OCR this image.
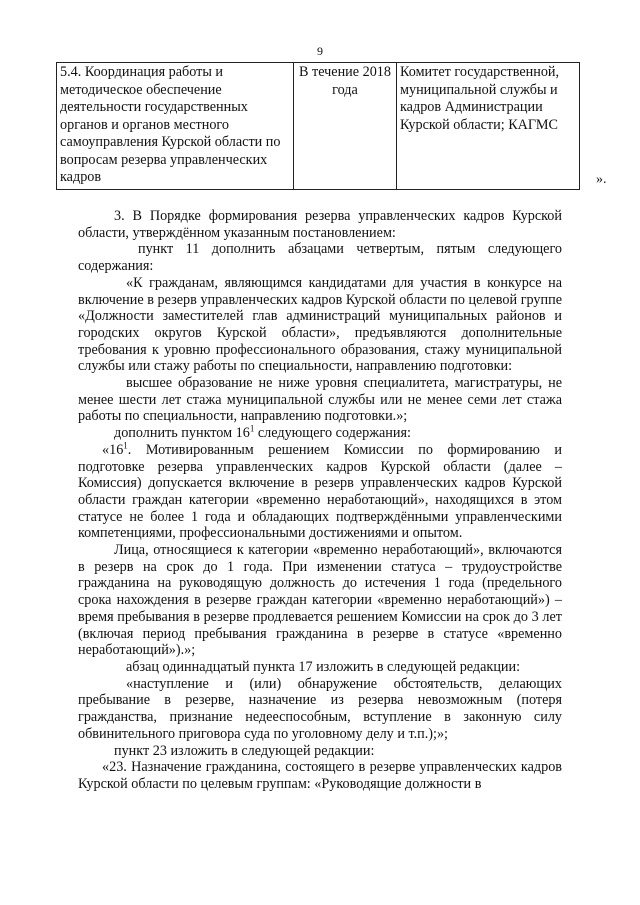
9
5.4. Координация работы и методическое обеспечение деятельности государственных органов и органов местного самоуправления Курской области по вопросам резерва управленческих кадров	В течение 2018 года	Комитет государственной, муниципальной службы и кадров Администрации Курской области; КАГМС
».

3. В Порядке формирования резерва управленческих кадров Курской области, утверждённом указанным постановлением:

пункт 11 дополнить абзацами четвертым, пятым следующего содержания:

«К гражданам, являющимся кандидатами для участия в конкурсе на включение в резерв управленческих кадров Курской области по целевой группе «Должности заместителей глав администраций муниципальных районов и городских округов Курской области», предъявляются дополнительные требования к уровню профессионального образования, стажу муниципальной службы или стажу работы по специальности, направлению подготовки:

высшее образование не ниже уровня специалитета, магистратуры, не менее шести лет стажа муниципальной службы или не менее семи лет стажа работы по специальности, направлению подготовки.»;

дополнить пунктом $16^1$ следующего содержания:

«$16^1$. Мотивированным решением Комиссии по формированию и подготовке резерва управленческих кадров Курской области (далее – Комиссия) допускается включение в резерв управленческих кадров Курской области граждан категории «временно неработающий», находящихся в этом статусе не более 1 года и обладающих подтверждёнными управленческими компетенциями, профессиональными достижениями и опытом.

Лица, относящиеся к категории «временно неработающий», включаются в резерв на срок до 1 года. При изменении статуса – трудоустройстве гражданина на руководящую должность до истечения 1 года (предельного срока нахождения в резерве граждан категории «временно неработающий») – время пребывания в резерве продлевается решением Комиссии на срок до 3 лет (включая период пребывания гражданина в резерве в статусе «временно неработающий»).»;

абзац одиннадцатый пункта 17 изложить в следующей редакции:

«наступление и (или) обнаружение обстоятельств, делающих пребывание в резерве, назначение из резерва невозможным (потеря гражданства, признание недееспособным, вступление в законную силу обвинительного приговора суда по уголовному делу и т.п.);»;

пункт 23 изложить в следующей редакции:

«23. Назначение гражданина, состоящего в резерве управленческих кадров Курской области по целевым группам: «Руководящие должности в
